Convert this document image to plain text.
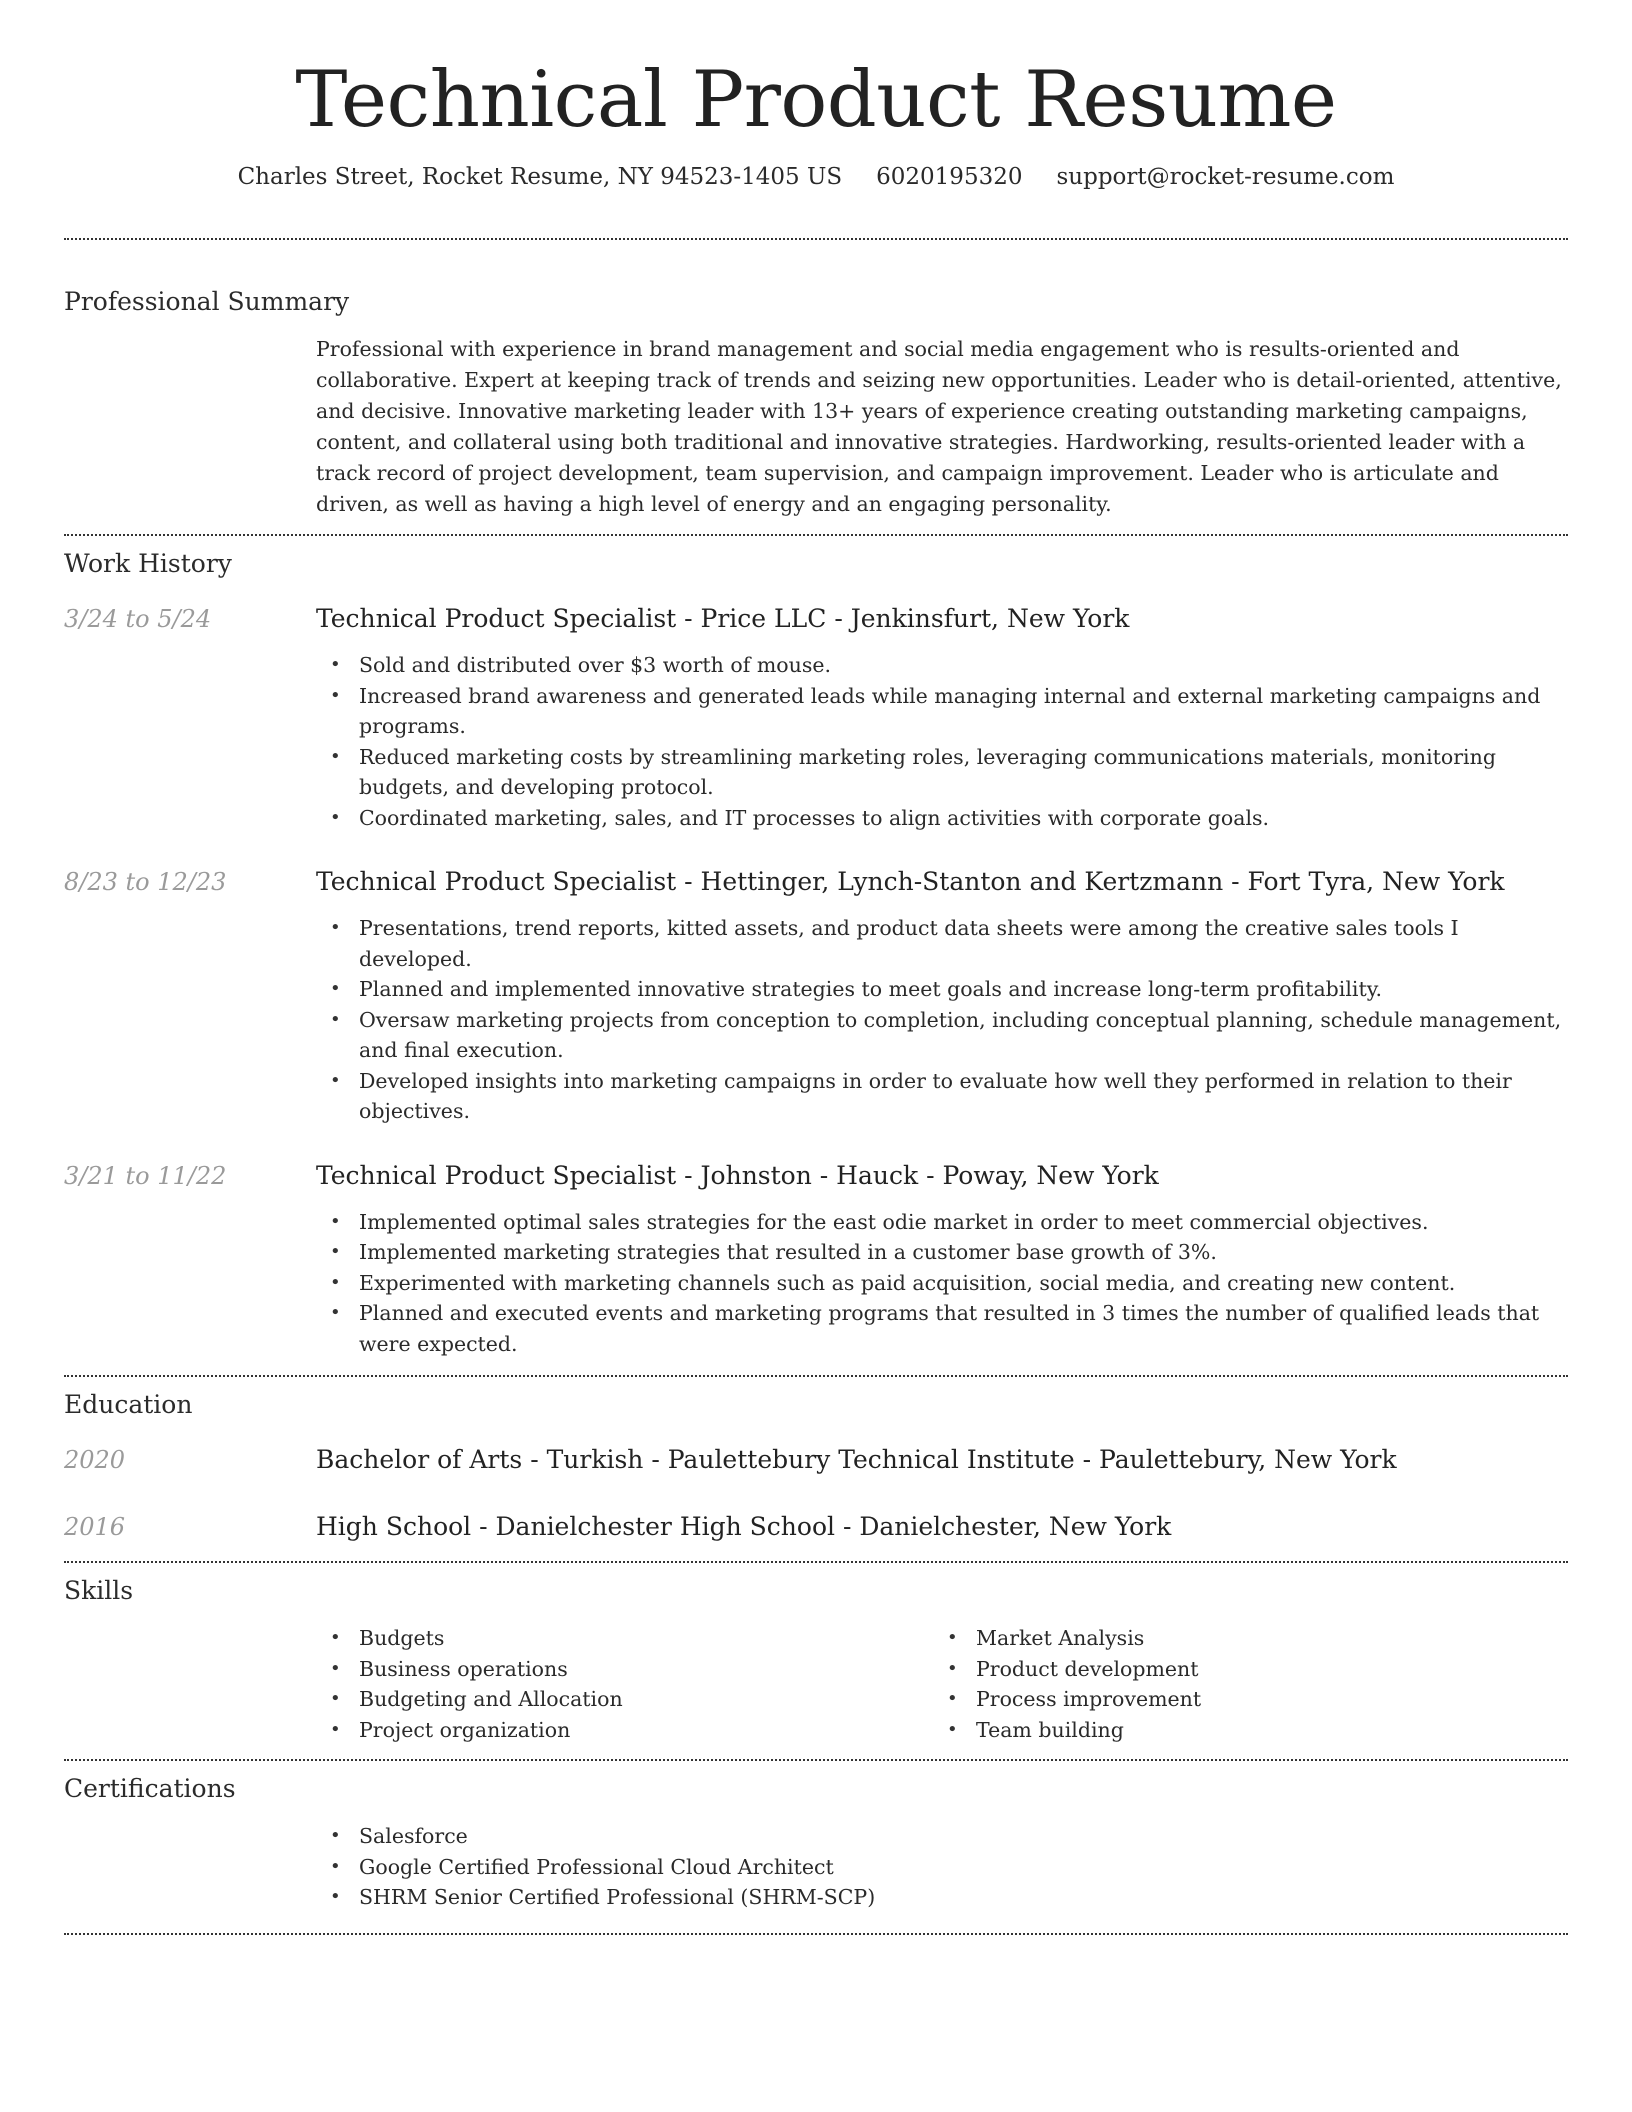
Technical Product Resume
Charles Street, Rocket Resume, NY 94523-1405 US 6020195320 support@rocket-resume.com
Professional Summary
Professional with experience in brand management and social media engagement who is results-oriented and collaborative. Expert at keeping track of trends and seizing new opportunities. Leader who is detail-oriented, attentive, and decisive. Innovative marketing leader with 13+ years of experience creating outstanding marketing campaigns, content, and collateral using both traditional and innovative strategies. Hardworking, results-oriented leader with a track record of project development, team supervision, and campaign improvement. Leader who is articulate and driven, as well as having a high level of energy and an engaging personality.
Work History
3/24 to 5/24	Technical Product Specialist - Price LLC - Jenkinsfurt, New York
• Sold and distributed over $3 worth of mouse.
• Increased brand awareness and generated leads while managing internal and external marketing campaigns and programs.
• Reduced marketing costs by streamlining marketing roles, leveraging communications materials, monitoring budgets, and developing protocol.
• Coordinated marketing, sales, and IT processes to align activities with corporate goals.
8/23 to 12/23	Technical Product Specialist - Hettinger, Lynch-Stanton and Kertzmann - Fort Tyra, New York
• Presentations, trend reports, kitted assets, and product data sheets were among the creative sales tools I developed.
• Planned and implemented innovative strategies to meet goals and increase long-term profitability.
• Oversaw marketing projects from conception to completion, including conceptual planning, schedule management, and final execution.
• Developed insights into marketing campaigns in order to evaluate how well they performed in relation to their objectives.
3/21 to 11/22	Technical Product Specialist - Johnston - Hauck - Poway, New York
• Implemented optimal sales strategies for the east odie market in order to meet commercial objectives.
• Implemented marketing strategies that resulted in a customer base growth of 3%.
• Experimented with marketing channels such as paid acquisition, social media, and creating new content.
• Planned and executed events and marketing programs that resulted in 3 times the number of qualified leads that were expected.
Education
2020	Bachelor of Arts - Turkish - Paulettebury Technical Institute - Paulettebury, New York
2016	High School - Danielchester High School - Danielchester, New York
Skills
• Budgets
• Business operations
• Budgeting and Allocation
• Project organization
• Market Analysis
• Product development
• Process improvement
• Team building
Certifications
• Salesforce
• Google Certified Professional Cloud Architect
• SHRM Senior Certified Professional (SHRM-SCP)
